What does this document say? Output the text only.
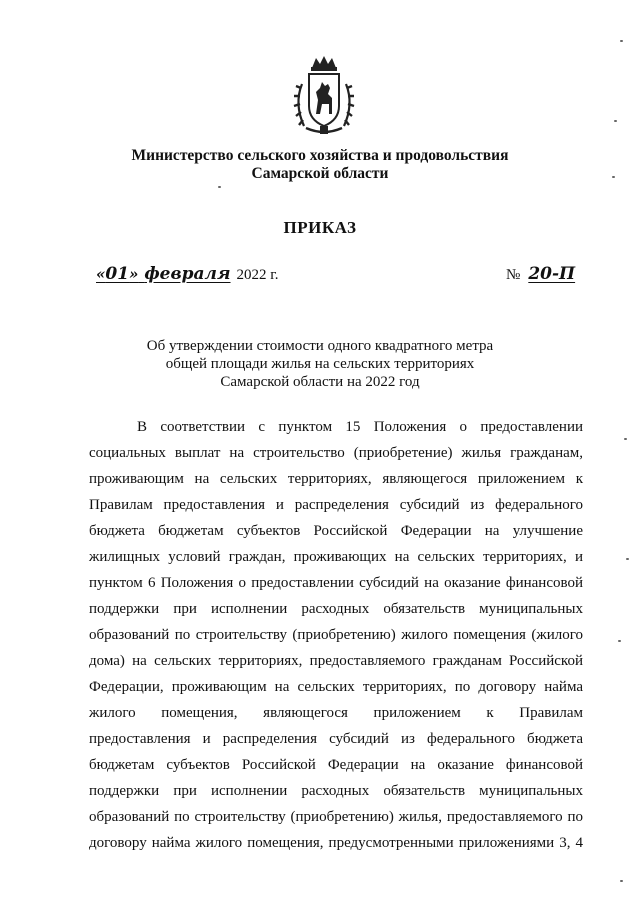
Министерство сельского хозяйства и продовольствия
Самарской области
ПРИКАЗ
«01» февраля 2022 г.	№ 20-П
Об утверждении стоимости одного квадратного метра
общей площади жилья на сельских территориях
Самарской области на 2022 год

В соответствии с пунктом 15 Положения о предоставлении

социальных выплат на строительство (приобретение) жилья гражданам,

проживающим на сельских территориях, являющегося приложением к

Правилам предоставления и распределения субсидий из федерального

бюджета бюджетам субъектов Российской Федерации на улучшение

жилищных условий граждан, проживающих на сельских территориях, и

пунктом 6 Положения о предоставлении субсидий на оказание финансовой

поддержки при исполнении расходных обязательств муниципальных

образований по строительству (приобретению) жилого помещения (жилого

дома) на сельских территориях, предоставляемого гражданам Российской

Федерации, проживающим на сельских территориях, по договору найма

жилого помещения, являющегося приложением к Правилам

предоставления и распределения субсидий из федерального бюджета

бюджетам субъектов Российской Федерации на оказание финансовой

поддержки при исполнении расходных обязательств муниципальных

образований по строительству (приобретению) жилья, предоставляемого по

договору найма жилого помещения, предусмотренными приложениями 3, 4
